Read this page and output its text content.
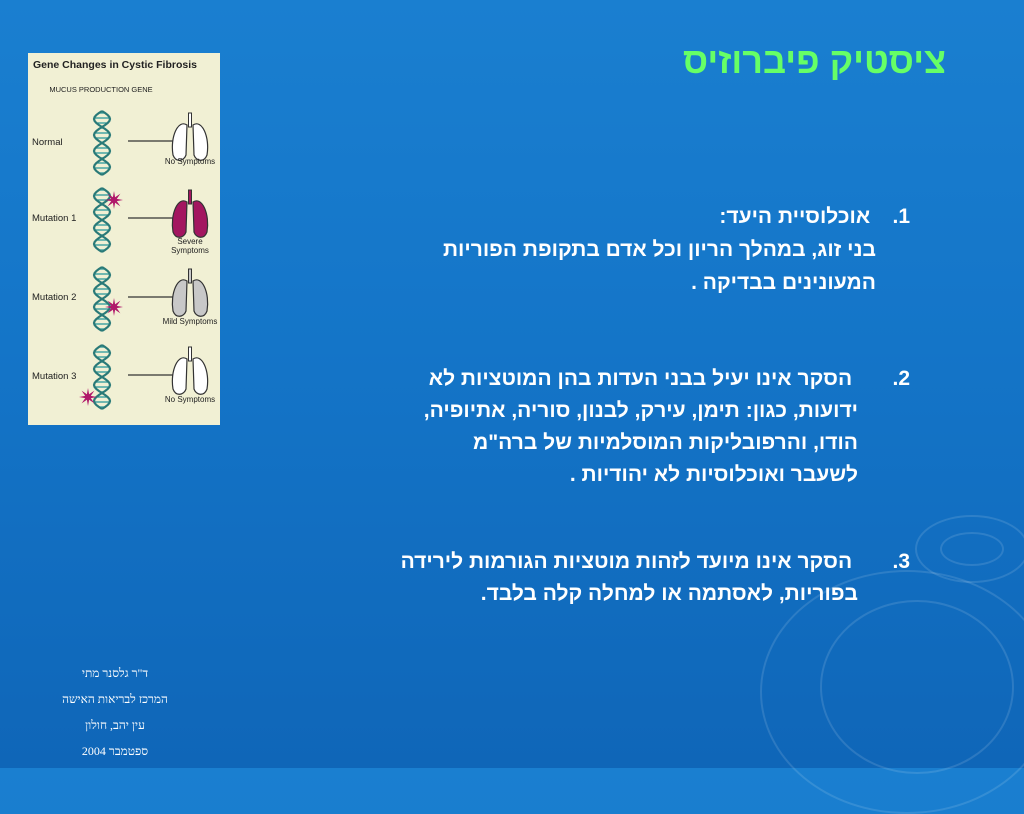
ציסטיק פיברוזיס
Gene Changes in Cystic Fibrosis
MUCUS PRODUCTION GENE
Normal
Mutation 1
Mutation 2
Mutation 3
No Symptoms
Severe Symptoms
Mild Symptoms
No Symptoms
1. אוכלוסיית היעד:
בני זוג, במהלך הריון וכל אדם בתקופת הפוריות
המעונינים בבדיקה .
2. הסקר אינו יעיל בבני העדות בהן המוטציות לא
ידועות, כגון: תימן, עירק, לבנון, סוריה, אתיופיה,
הודו, והרפובליקות המוסלמיות של ברה"מ
לשעבר ואוכלוסיות לא יהודיות .
3. הסקר אינו מיועד לזהות מוטציות הגורמות לירידה
בפוריות, לאסתמה או למחלה קלה בלבד.
ד"ר גלסנר מתי
המרכז לבריאות האישה
עין יהב, חולון
ספטמבר 2004
